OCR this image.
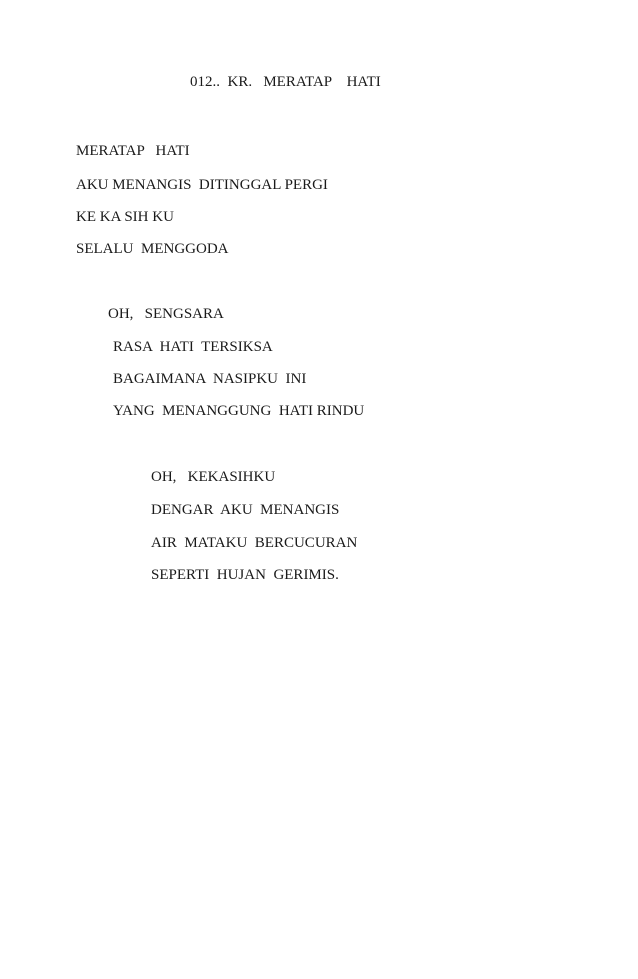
012..  KR.   MERATAP    HATI

MERATAP   HATI

AKU MENANGIS  DITINGGAL PERGI

KE KA SIH KU

SELALU  MENGGODA

OH,   SENGSARA

RASA  HATI  TERSIKSA

BAGAIMANA  NASIPKU  INI

YANG  MENANGGUNG  HATI RINDU

OH,   KEKASIHKU

DENGAR  AKU  MENANGIS

AIR  MATAKU  BERCUCURAN

SEPERTI  HUJAN  GERIMIS.
